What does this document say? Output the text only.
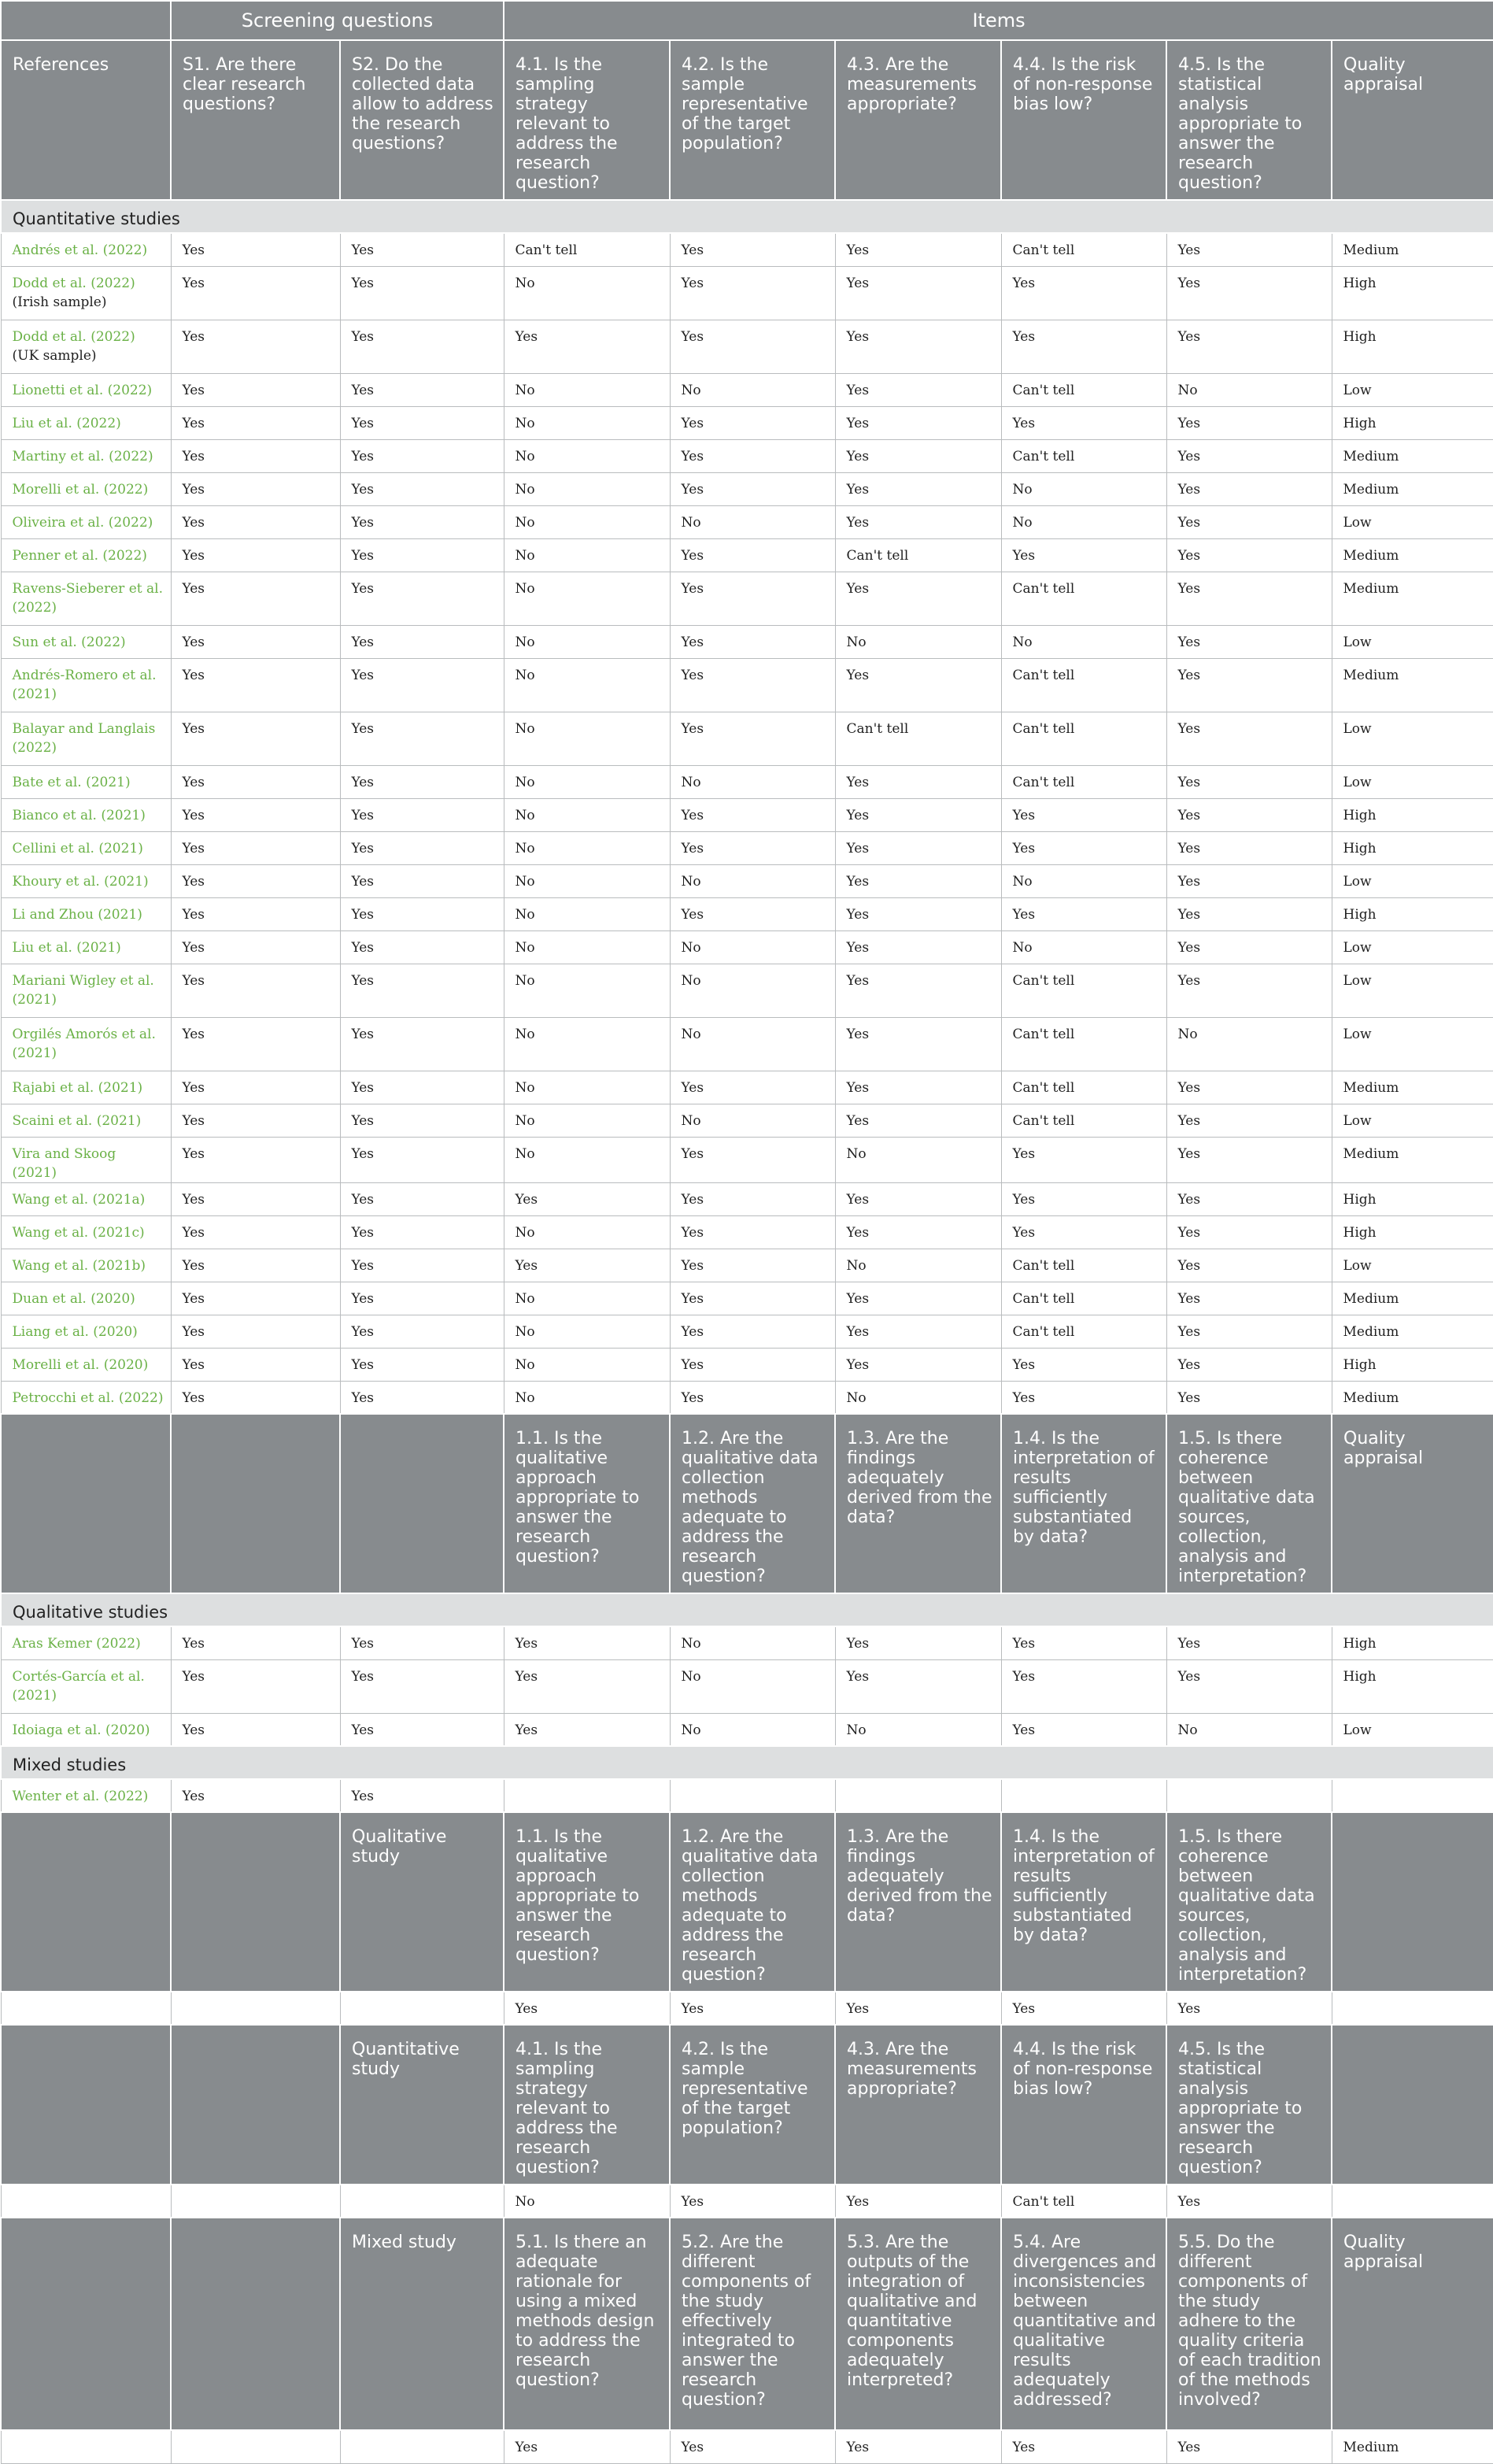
	Screening questions		Items					
References	S1. Are there clear research questions?	S2. Do the collected data allow to address the research questions?	4.1. Is the sampling strategy relevant to address the research question?	4.2. Is the sample representative of the target population?	4.3. Are the measurements appropriate?	4.4. Is the risk of non-response bias low?	4.5. Is the statistical analysis appropriate to answer the research question?	Quality appraisal
Quantitative studies								
Andrés et al. (2022)	Yes	Yes	Can't tell	Yes	Yes	Can't tell	Yes	Medium
Dodd et al. (2022) (Irish sample)	Yes	Yes	No	Yes	Yes	Yes	Yes	High
Dodd et al. (2022) (UK sample)	Yes	Yes	Yes	Yes	Yes	Yes	Yes	High
Lionetti et al. (2022)	Yes	Yes	No	No	Yes	Can't tell	No	Low
Liu et al. (2022)	Yes	Yes	No	Yes	Yes	Yes	Yes	High
Martiny et al. (2022)	Yes	Yes	No	Yes	Yes	Can't tell	Yes	Medium
Morelli et al. (2022)	Yes	Yes	No	Yes	Yes	No	Yes	Medium
Oliveira et al. (2022)	Yes	Yes	No	No	Yes	No	Yes	Low
Penner et al. (2022)	Yes	Yes	No	Yes	Can't tell	Yes	Yes	Medium
Ravens-Sieberer et al. (2022)	Yes	Yes	No	Yes	Yes	Can't tell	Yes	Medium
Sun et al. (2022)	Yes	Yes	No	Yes	No	No	Yes	Low
Andrés-Romero et al. (2021)	Yes	Yes	No	Yes	Yes	Can't tell	Yes	Medium
Balayar and Langlais (2022)	Yes	Yes	No	Yes	Can't tell	Can't tell	Yes	Low
Bate et al. (2021)	Yes	Yes	No	No	Yes	Can't tell	Yes	Low
Bianco et al. (2021)	Yes	Yes	No	Yes	Yes	Yes	Yes	High
Cellini et al. (2021)	Yes	Yes	No	Yes	Yes	Yes	Yes	High
Khoury et al. (2021)	Yes	Yes	No	No	Yes	No	Yes	Low
Li and Zhou (2021)	Yes	Yes	No	Yes	Yes	Yes	Yes	High
Liu et al. (2021)	Yes	Yes	No	No	Yes	No	Yes	Low
Mariani Wigley et al. (2021)	Yes	Yes	No	No	Yes	Can't tell	Yes	Low
Orgilés Amorós et al. (2021)	Yes	Yes	No	No	Yes	Can't tell	No	Low
Rajabi et al. (2021)	Yes	Yes	No	Yes	Yes	Can't tell	Yes	Medium
Scaini et al. (2021)	Yes	Yes	No	No	Yes	Can't tell	Yes	Low
Vira and Skoog (2021)	Yes	Yes	No	Yes	No	Yes	Yes	Medium
Wang et al. (2021a)	Yes	Yes	Yes	Yes	Yes	Yes	Yes	High
Wang et al. (2021c)	Yes	Yes	No	Yes	Yes	Yes	Yes	High
Wang et al. (2021b)	Yes	Yes	Yes	Yes	No	Can't tell	Yes	Low
Duan et al. (2020)	Yes	Yes	No	Yes	Yes	Can't tell	Yes	Medium
Liang et al. (2020)	Yes	Yes	No	Yes	Yes	Can't tell	Yes	Medium
Morelli et al. (2020)	Yes	Yes	No	Yes	Yes	Yes	Yes	High
Petrocchi et al. (2022)	Yes	Yes	No	Yes	No	Yes	Yes	Medium
			1.1. Is the qualitative approach appropriate to answer the research question?	1.2. Are the qualitative data collection methods adequate to address the research question?	1.3. Are the findings adequately derived from the data?	1.4. Is the interpretation of results sufficiently substantiated by data?	1.5. Is there coherence between qualitative data sources, collection, analysis and interpretation?	Quality appraisal
Qualitative studies								
Aras Kemer (2022)	Yes	Yes	Yes	No	Yes	Yes	Yes	High
Cortés-García et al. (2021)	Yes	Yes	Yes	No	Yes	Yes	Yes	High
Idoiaga et al. (2020)	Yes	Yes	Yes	No	No	Yes	No	Low
Mixed studies								
Wenter et al. (2022)	Yes	Yes						
		Qualitative study	1.1. Is the qualitative approach appropriate to answer the research question?	1.2. Are the qualitative data collection methods adequate to address the research question?	1.3. Are the findings adequately derived from the data?	1.4. Is the interpretation of results sufficiently substantiated by data?	1.5. Is there coherence between qualitative data sources, collection, analysis and interpretation?	
			Yes	Yes	Yes	Yes	Yes	
		Quantitative study	4.1. Is the sampling strategy relevant to address the research question?	4.2. Is the sample representative of the target population?	4.3. Are the measurements appropriate?	4.4. Is the risk of non-response bias low?	4.5. Is the statistical analysis appropriate to answer the research question?	
			No	Yes	Yes	Can't tell	Yes	
		Mixed study	5.1. Is there an adequate rationale for using a mixed methods design to address the research question?	5.2. Are the different components of the study effectively integrated to answer the research question?	5.3. Are the outputs of the integration of qualitative and quantitative components adequately interpreted?	5.4. Are divergences and inconsistencies between quantitative and qualitative results adequately addressed?	5.5. Do the different components of the study adhere to the quality criteria of each tradition of the methods involved?	Quality appraisal
			Yes	Yes	Yes	Yes	Yes	Medium
